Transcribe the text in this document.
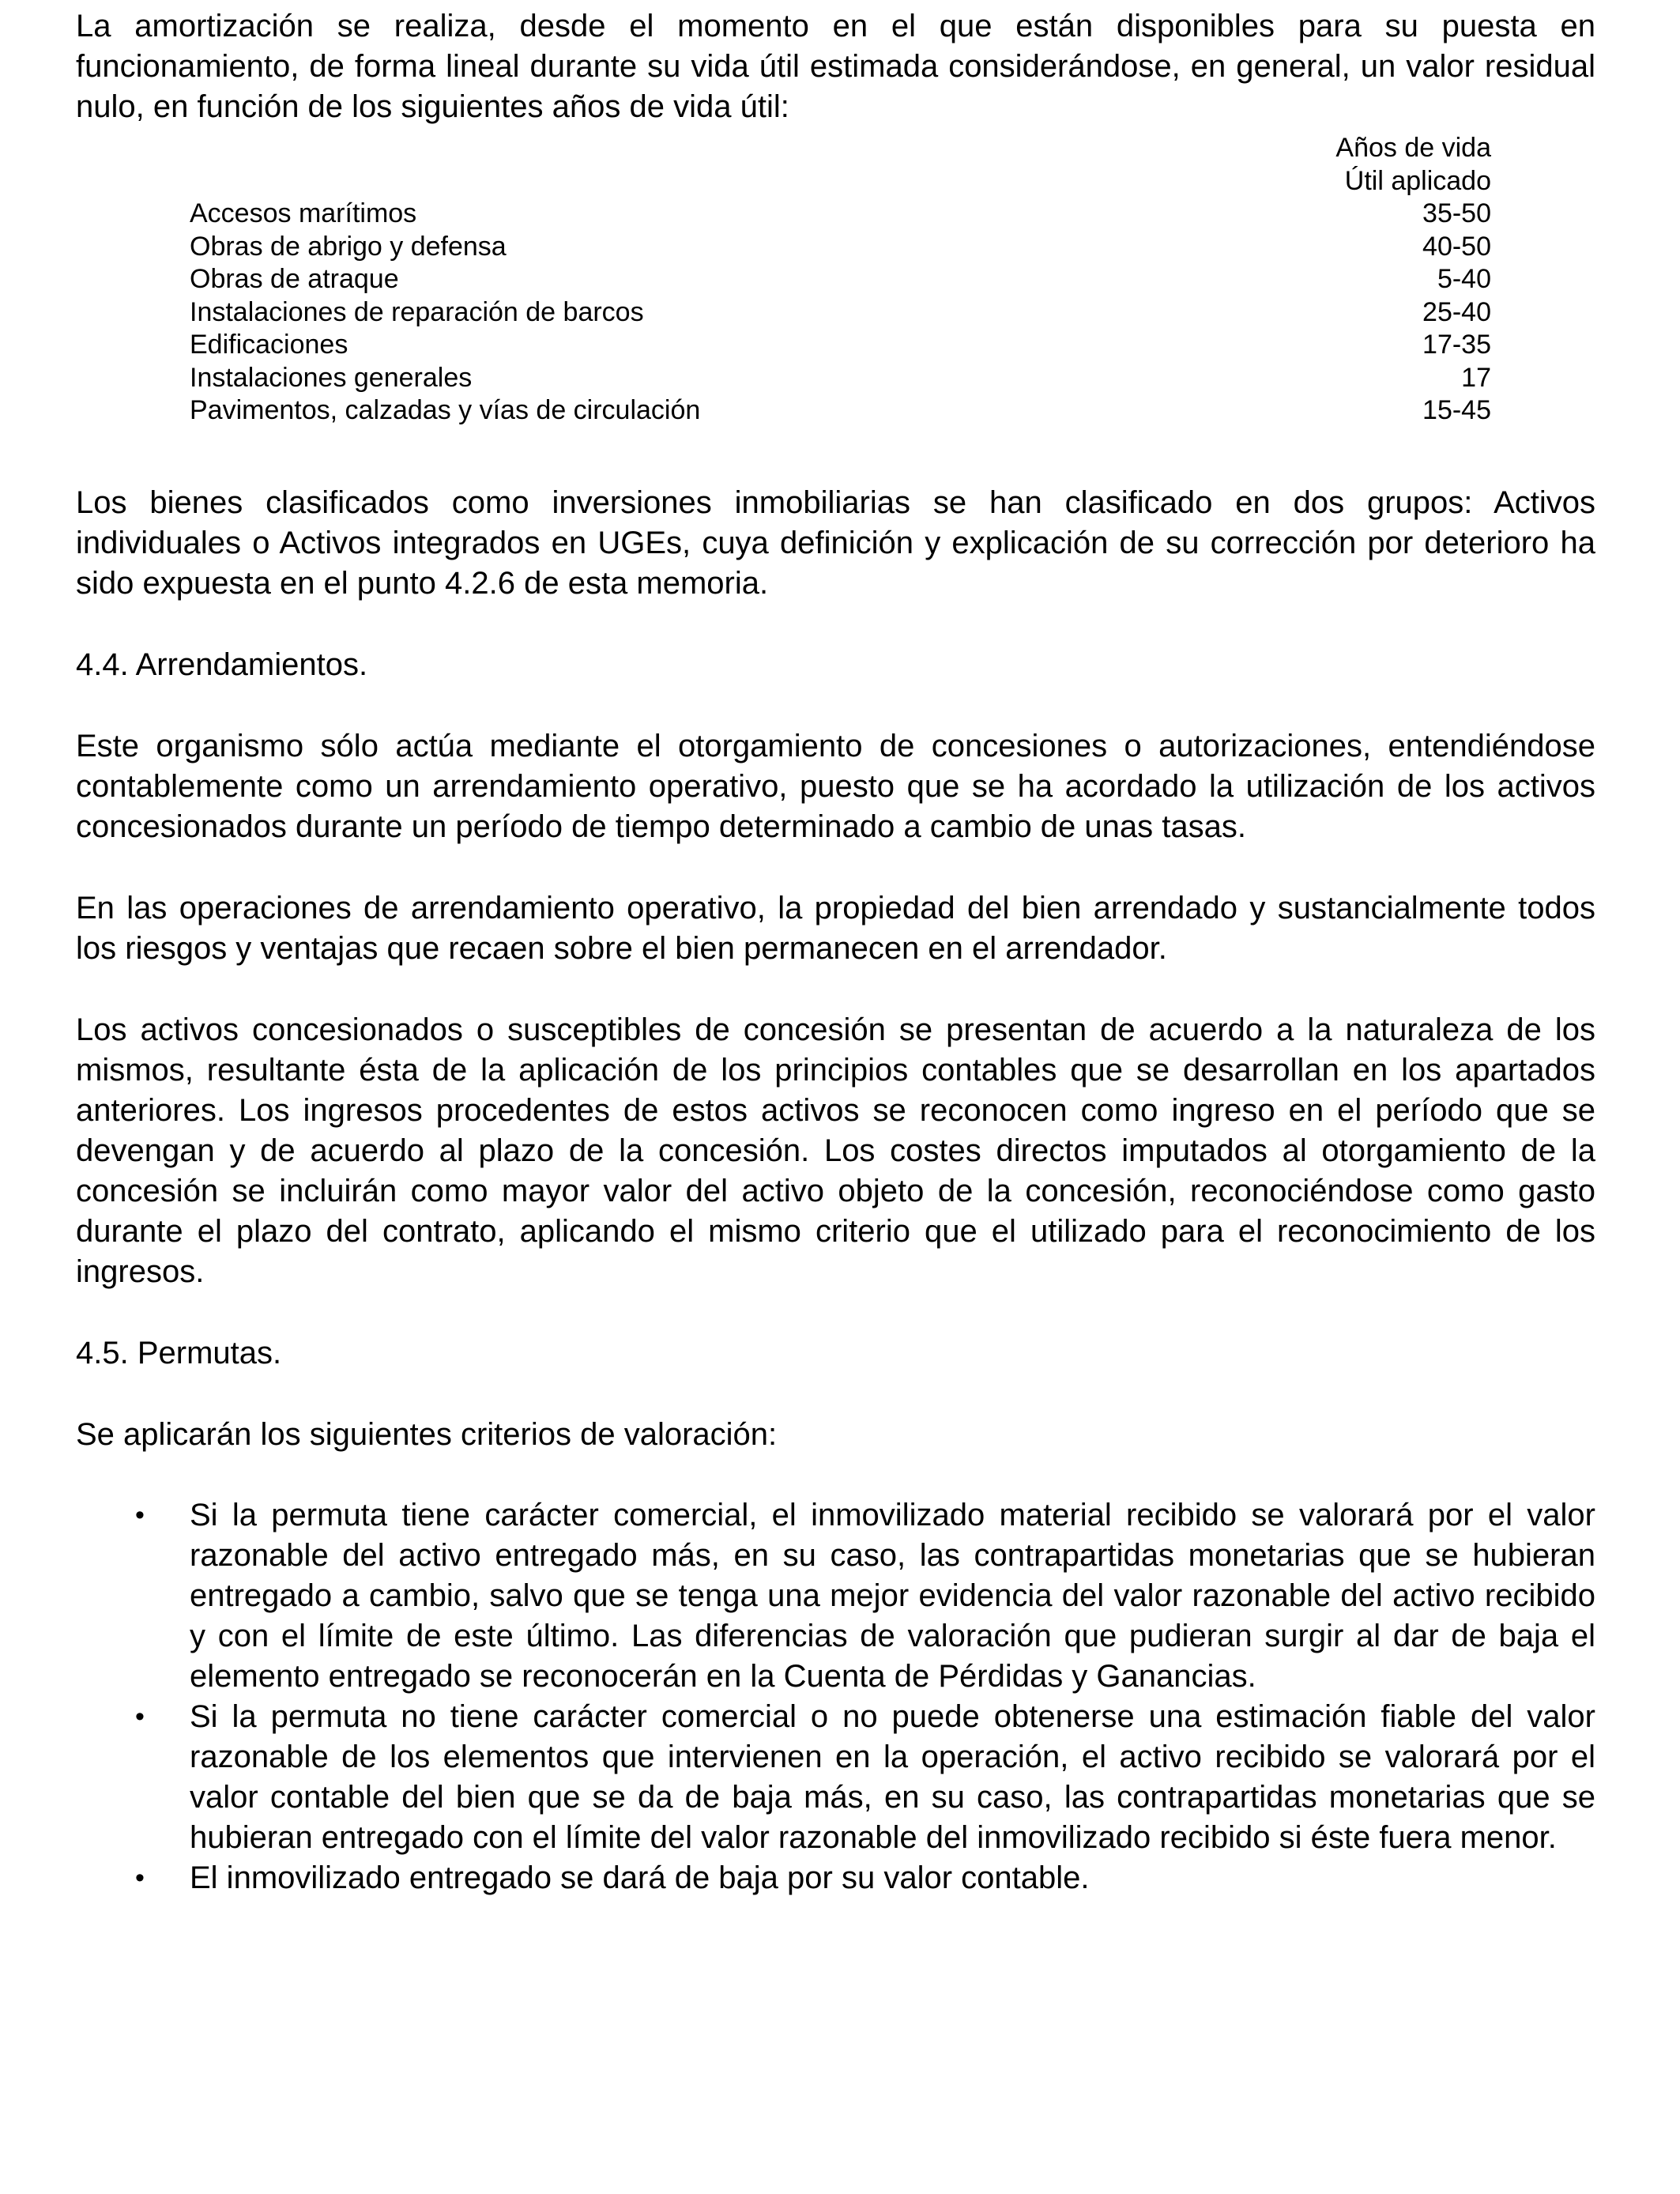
La amortización se realiza, desde el momento en el que están disponibles para su puesta en funcionamiento, de forma lineal durante su vida útil estimada considerándose, en general, un valor residual nulo, en función de los siguientes años de vida útil:

Años de vida
Útil aplicado
Accesos marítimos	35-50
Obras de abrigo y defensa	40-50
Obras de atraque	5-40
Instalaciones de reparación de barcos	25-40
Edificaciones	17-35
Instalaciones generales	17
Pavimentos, calzadas y vías de circulación	15-45

Los bienes clasificados como inversiones inmobiliarias se han clasificado en dos grupos: Activos individuales o Activos integrados en UGEs, cuya definición y explicación de su corrección por deterioro ha sido expuesta en el punto 4.2.6 de esta memoria.

4.4. Arrendamientos.

Este organismo sólo actúa mediante el otorgamiento de concesiones o autorizaciones, entendiéndose contablemente como un arrendamiento operativo, puesto que se ha acordado la utilización de los activos concesionados durante un período de tiempo determinado a cambio de unas tasas.

En las operaciones de arrendamiento operativo, la propiedad del bien arrendado y sustancialmente todos los riesgos y ventajas que recaen sobre el bien permanecen en el arrendador.

Los activos concesionados o susceptibles de concesión se presentan de acuerdo a la naturaleza de los mismos, resultante ésta de la aplicación de los principios contables que se desarrollan en los apartados anteriores. Los ingresos procedentes de estos activos se reconocen como ingreso en el período que se devengan y de acuerdo al plazo de la concesión. Los costes directos imputados al otorgamiento de la concesión se incluirán como mayor valor del activo objeto de la concesión, reconociéndose como gasto durante el plazo del contrato, aplicando el mismo criterio que el utilizado para el reconocimiento de los ingresos.

4.5. Permutas.

Se aplicarán los siguientes criterios de valoración:

• Si la permuta tiene carácter comercial, el inmovilizado material recibido se valorará por el valor razonable del activo entregado más, en su caso, las contrapartidas monetarias que se hubieran entregado a cambio, salvo que se tenga una mejor evidencia del valor razonable del activo recibido y con el límite de este último. Las diferencias de valoración que pudieran surgir al dar de baja el elemento entregado se reconocerán en la Cuenta de Pérdidas y Ganancias.
• Si la permuta no tiene carácter comercial o no puede obtenerse una estimación fiable del valor razonable de los elementos que intervienen en la operación, el activo recibido se valorará por el valor contable del bien que se da de baja más, en su caso, las contrapartidas monetarias que se hubieran entregado con el límite del valor razonable del inmovilizado recibido si éste fuera menor.
• El inmovilizado entregado se dará de baja por su valor contable.
